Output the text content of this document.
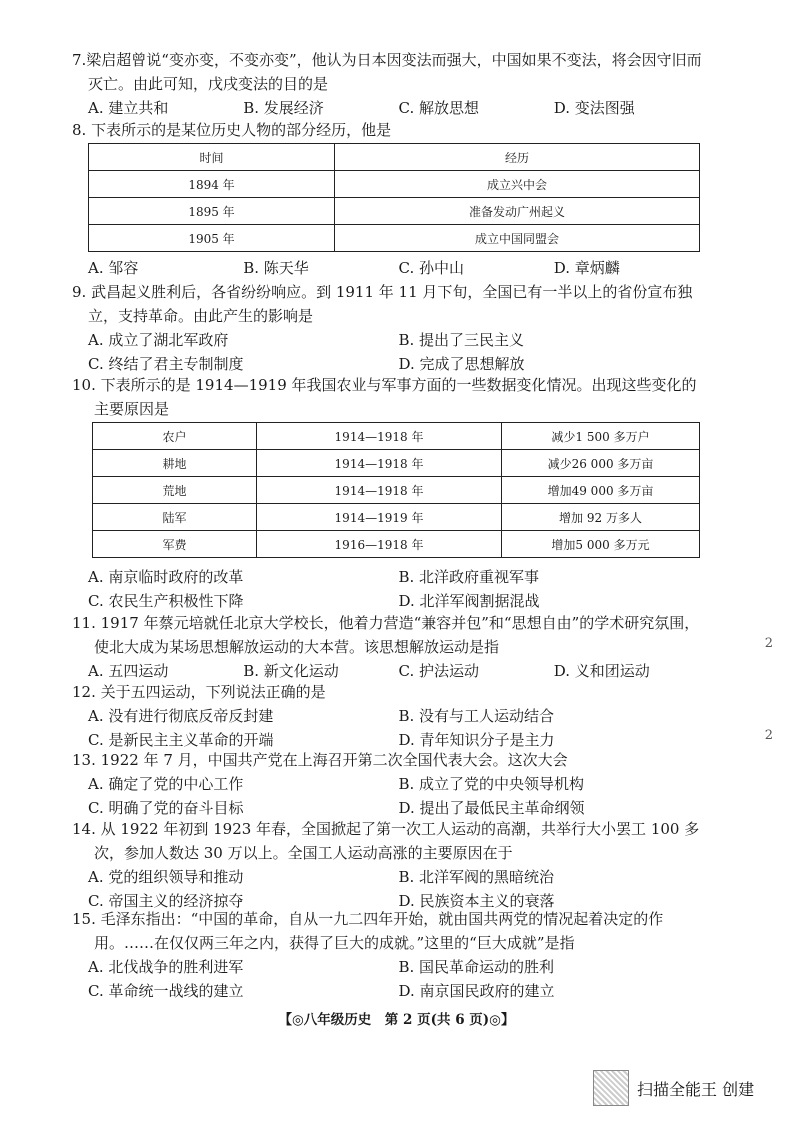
7.梁启超曾说“变亦变，不变亦变”，他认为日本因变法而强大，中国如果不变法，将会因守旧而灭亡。由此可知，戊戌变法的目的是
A. 建立共和	B. 发展经济	C. 解放思想	D. 变法图强
8. 下表所示的是某位历史人物的部分经历，他是
时间	经历
1894 年	成立兴中会
1895 年	准备发动广州起义
1905 年	成立中国同盟会
A. 邹容	B. 陈天华	C. 孙中山	D. 章炳麟
9. 武昌起义胜利后，各省纷纷响应。到 1911 年 11 月下旬，全国已有一半以上的省份宣布独立，支持革命。由此产生的影响是
A. 成立了湖北军政府	B. 提出了三民主义
C. 终结了君主专制制度	D. 完成了思想解放
10. 下表所示的是 1914—1919 年我国农业与军事方面的一些数据变化情况。出现这些变化的主要原因是
农户	1914—1918 年	减少1 500 多万户
耕地	1914—1918 年	减少26 000 多万亩
荒地	1914—1918 年	增加49 000 多万亩
陆军	1914—1919 年	增加 92 万多人
军费	1916—1918 年	增加5 000 多万元
A. 南京临时政府的改革	B. 北洋政府重视军事
C. 农民生产积极性下降	D. 北洋军阀割据混战
11. 1917 年蔡元培就任北京大学校长，他着力营造“兼容并包”和“思想自由”的学术研究氛围，使北大成为某场思想解放运动的大本营。该思想解放运动是指
A. 五四运动	B. 新文化运动	C. 护法运动	D. 义和团运动
12. 关于五四运动，下列说法正确的是
A. 没有进行彻底反帝反封建	B. 没有与工人运动结合
C. 是新民主主义革命的开端	D. 青年知识分子是主力
13. 1922 年 7 月，中国共产党在上海召开第二次全国代表大会。这次大会
A. 确定了党的中心工作	B. 成立了党的中央领导机构
C. 明确了党的奋斗目标	D. 提出了最低民主革命纲领
14. 从 1922 年初到 1923 年春，全国掀起了第一次工人运动的高潮，共举行大小罢工 100 多次，参加人数达 30 万以上。全国工人运动高涨的主要原因在于
A. 党的组织领导和推动	B. 北洋军阀的黑暗统治
C. 帝国主义的经济掠夺	D. 民族资本主义的衰落
15. 毛泽东指出：“中国的革命，自从一九二四年开始，就由国共两党的情况起着决定的作用。……在仅仅两三年之内，获得了巨大的成就。”这里的“巨大成就”是指
A. 北伐战争的胜利进军	B. 国民革命运动的胜利
C. 革命统一战线的建立	D. 南京国民政府的建立
【◎八年级历史　第 2 页(共 6 页)◎】
2
2
扫描全能王 创建
